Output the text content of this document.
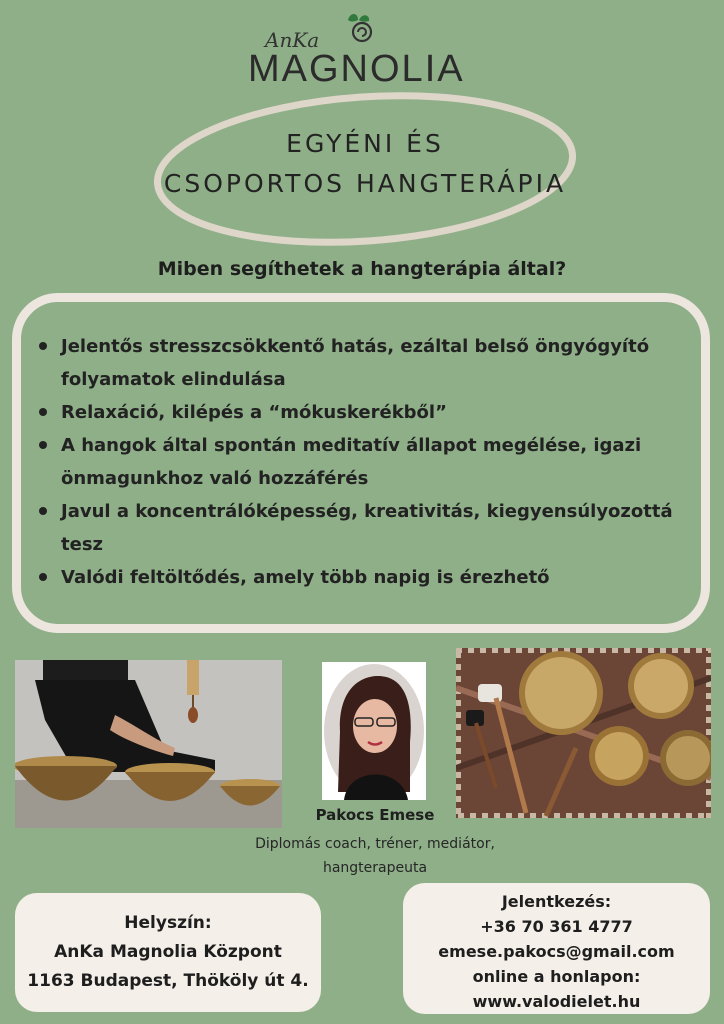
AnKa
MAGNOLIA
EGYÉNI ÉS
CSOPORTOS HANGTERÁPIA
Miben segíthetek a hangterápia által?
Jelentős stresszcsökkentő hatás, ezáltal belső öngyógyító folyamatok elindulása
Relaxáció, kilépés a “mókuskerékből”
A hangok által spontán meditatív állapot megélése, igazi önmagunkhoz való hozzáférés
Javul a koncentrálóképesség, kreativitás, kiegyensúlyozottá tesz
Valódi feltöltődés, amely több napig is érezhető
Pakocs Emese
Diplomás coach, tréner, mediátor,
hangterapeuta
Helyszín:
AnKa Magnolia Központ
1163 Budapest, Thököly út 4.
Jelentkezés:
+36 70 361 4777
emese.pakocs@gmail.com
online a honlapon:
www.valodielet.hu
